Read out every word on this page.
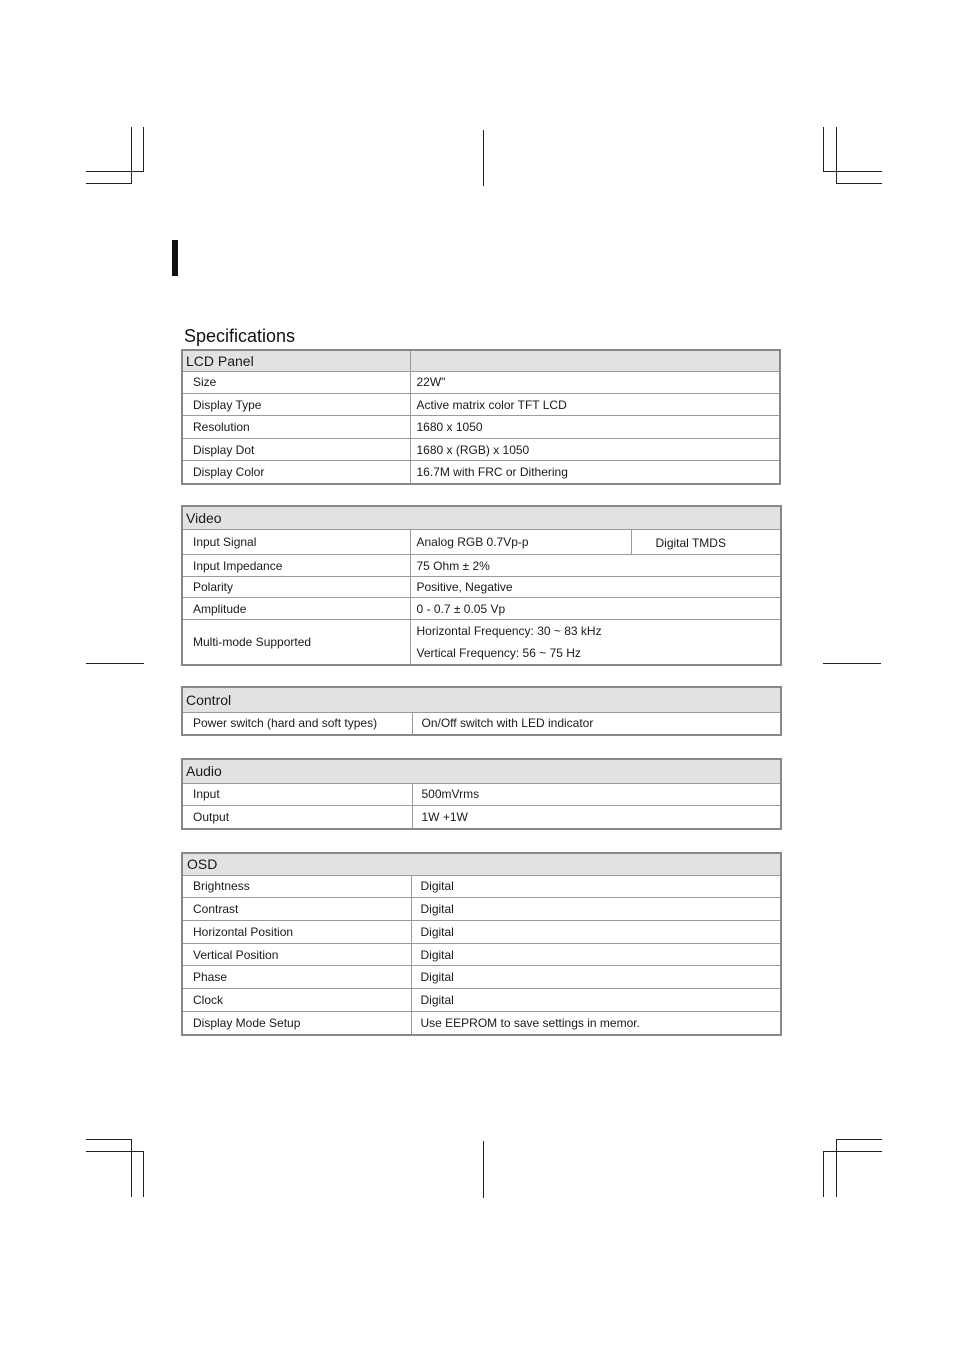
Specifications
LCD Panel	
Size	22W"
Display Type	Active matrix color TFT LCD
Resolution	1680 x 1050
Display Dot	1680 x (RGB) x 1050
Display Color	16.7M with FRC or Dithering
Video		
Input Signal	Analog RGB 0.7Vp-p	Digital TMDS
Input Impedance	75 Ohm ± 2%	
Polarity	Positive, Negative	
Amplitude	0 - 0.7 ± 0.05 Vp	
Multi-mode Supported	Horizontal Frequency: 30 ~ 83 kHz
Vertical Frequency: 56 ~ 75 Hz	
Control
Power switch (hard and soft types)	On/Off switch with LED indicator
Audio	
Input	500mVrms
Output	1W +1W
OSD	
Brightness	Digital
Contrast	Digital
Horizontal Position	Digital
Vertical Position	Digital
Phase	Digital
Clock	Digital
Display Mode Setup	Use EEPROM to save settings in memor.
